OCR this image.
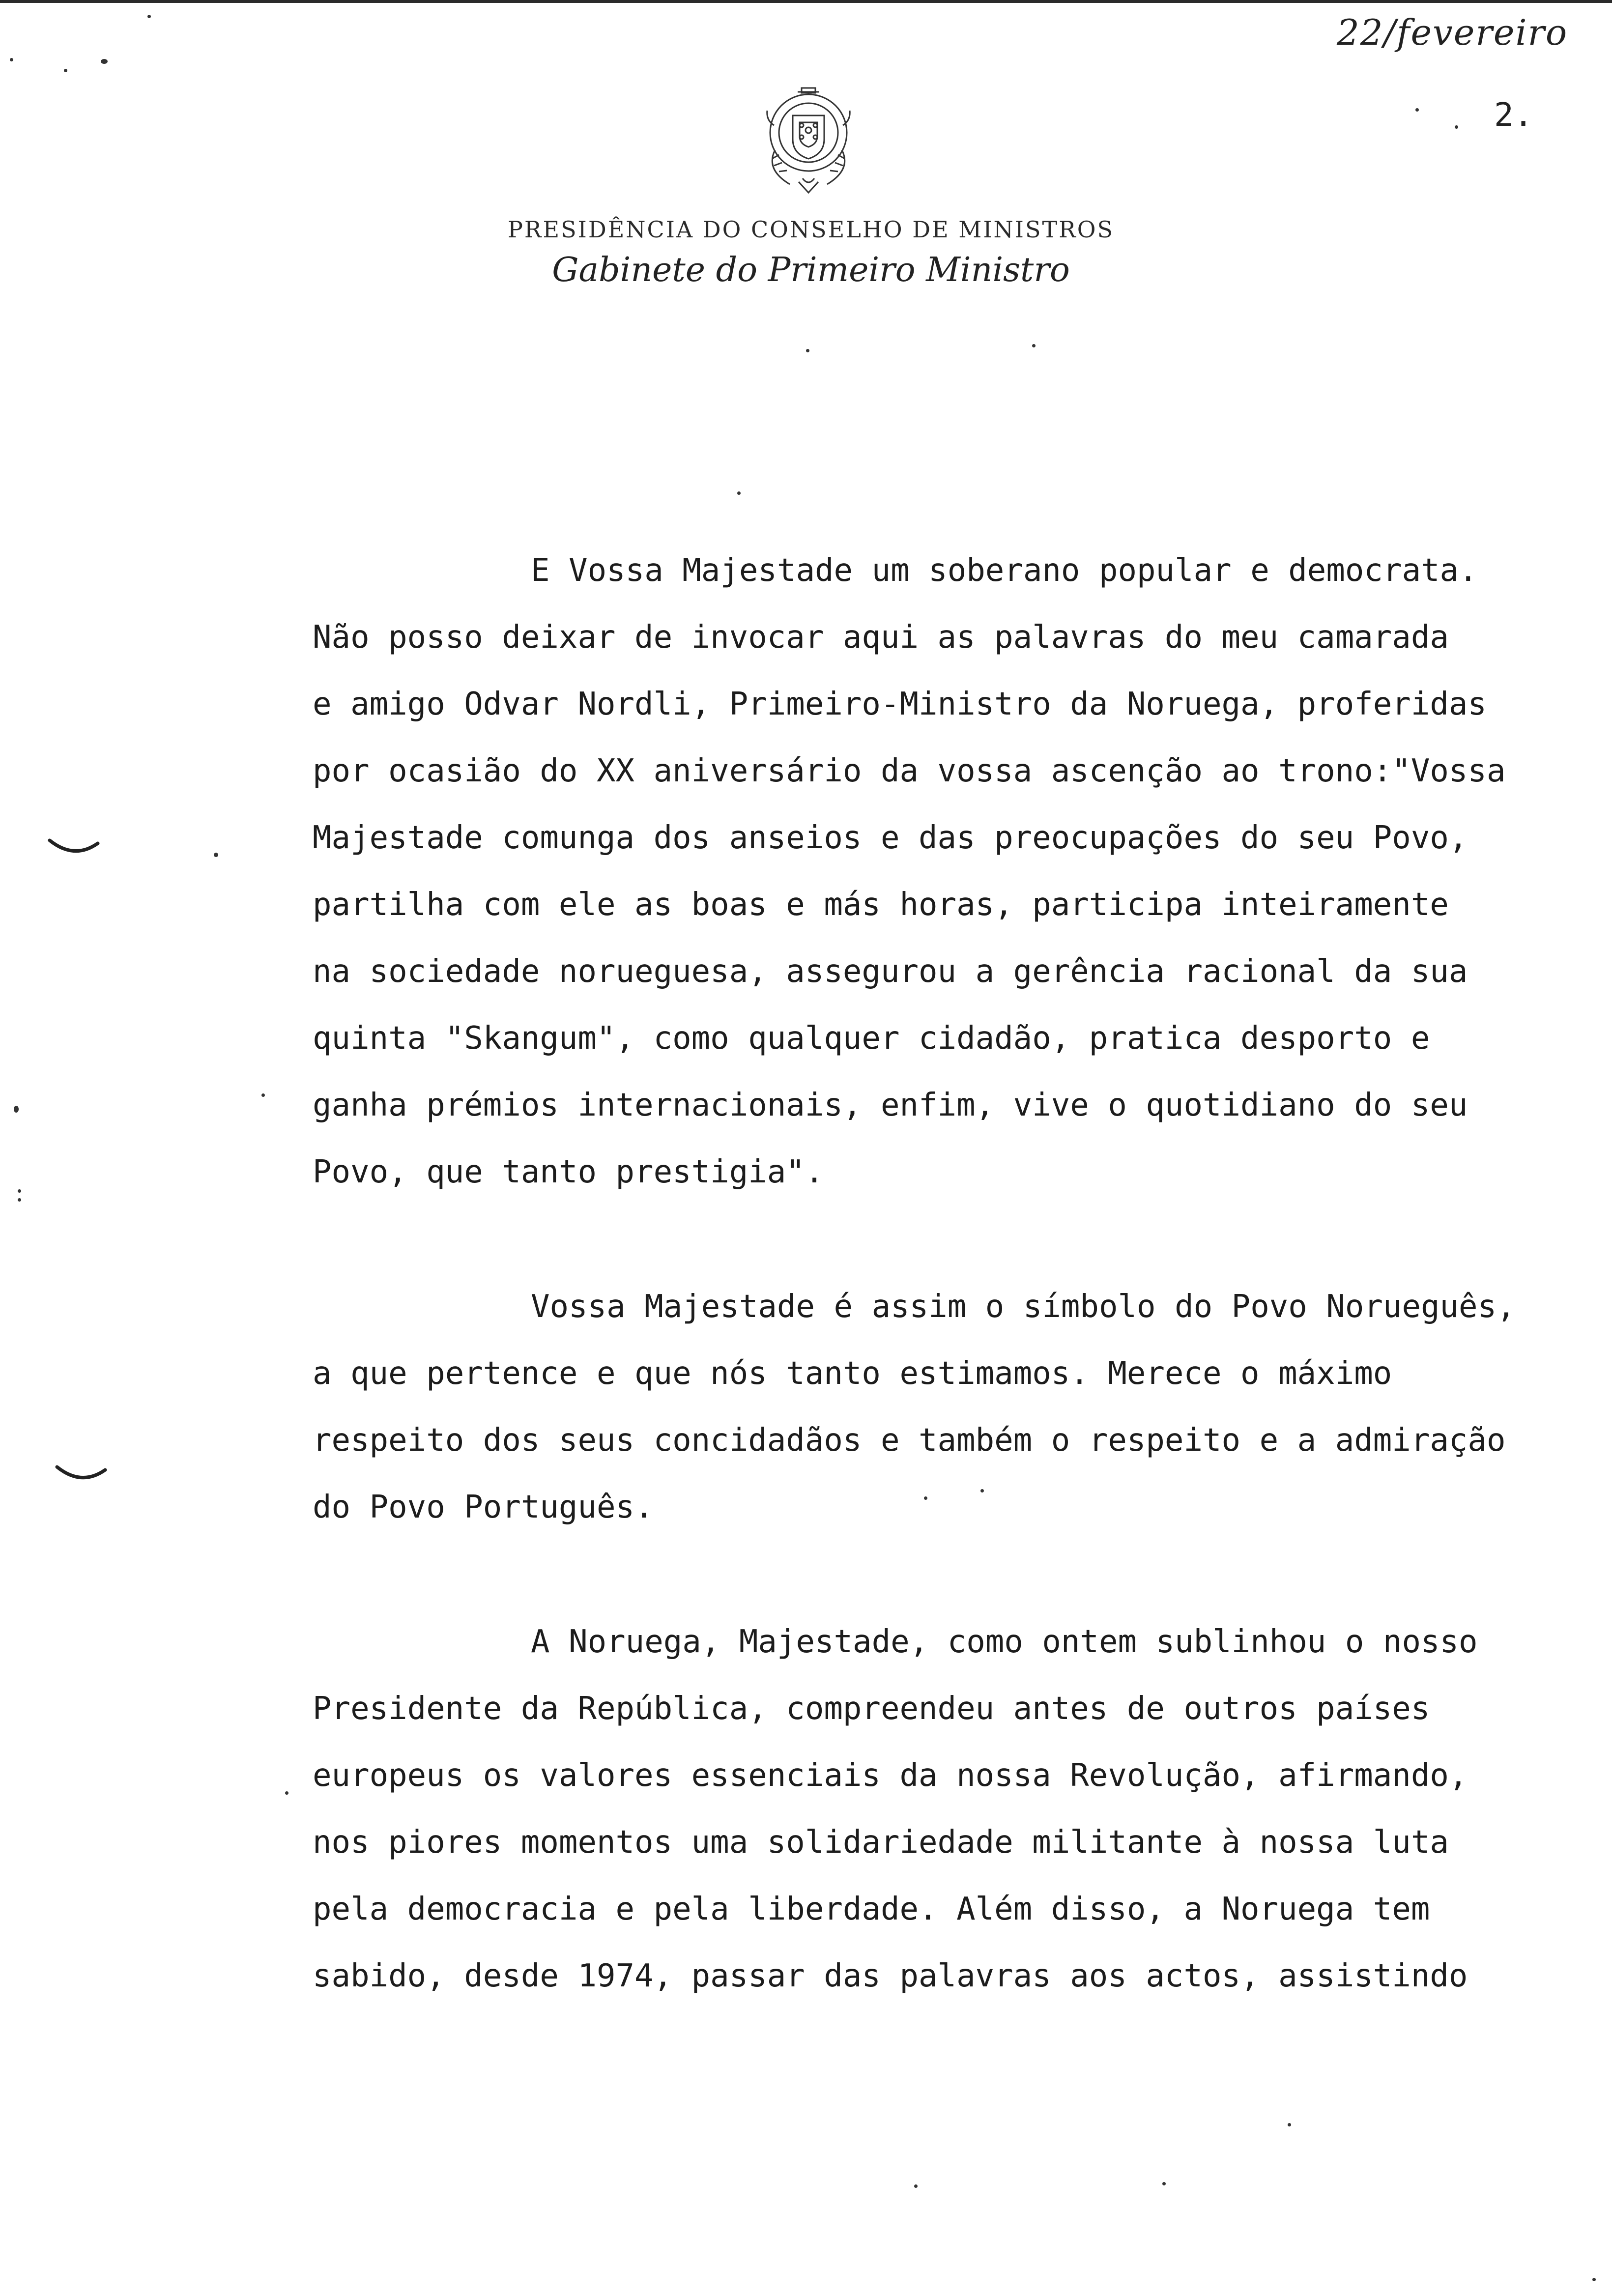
22/fevereiro
2.
PRESIDÊNCIA DO CONSELHO DE MINISTROS
Gabinete do Primeiro Ministro
E Vossa Majestade um soberano popular e democrata.
Não posso deixar de invocar aqui as palavras do meu camarada
e amigo Odvar Nordli, Primeiro-Ministro da Noruega, proferidas
por ocasião do XX aniversário da vossa ascenção ao trono:"Vossa
Majestade comunga dos anseios e das preocupações do seu Povo,
partilha com ele as boas e más horas, participa inteiramente
na sociedade norueguesa, assegurou a gerência racional da sua
quinta "Skangum", como qualquer cidadão, pratica desporto e
ganha prémios internacionais, enfim, vive o quotidiano do seu
Povo, que tanto prestigia".
Vossa Majestade é assim o símbolo do Povo Norueguês,
a que pertence e que nós tanto estimamos. Merece o máximo
respeito dos seus concidadãos e também o respeito e a admiração
do Povo Português.
A Noruega, Majestade, como ontem sublinhou o nosso
Presidente da República, compreendeu antes de outros países
europeus os valores essenciais da nossa Revolução, afirmando,
nos piores momentos uma solidariedade militante à nossa luta
pela democracia e pela liberdade. Além disso, a Noruega tem
sabido, desde 1974, passar das palavras aos actos, assistindo
